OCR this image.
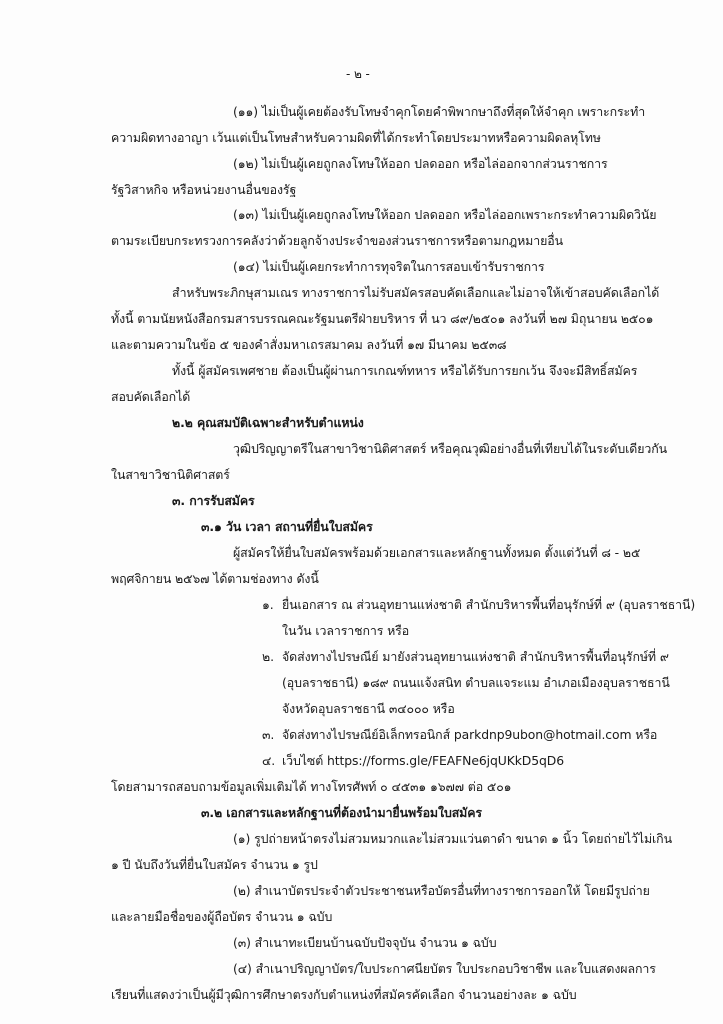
- ๒ -
(๑๑) ไม่เป็นผู้เคยต้องรับโทษจำคุกโดยคำพิพากษาถึงที่สุดให้จำคุก เพราะกระทำ
ความผิดทางอาญา เว้นแต่เป็นโทษสำหรับความผิดที่ได้กระทำโดยประมาทหรือความผิดลหุโทษ
(๑๒) ไม่เป็นผู้เคยถูกลงโทษให้ออก ปลดออก หรือไล่ออกจากส่วนราชการ
รัฐวิสาหกิจ หรือหน่วยงานอื่นของรัฐ
(๑๓) ไม่เป็นผู้เคยถูกลงโทษให้ออก ปลดออก หรือไล่ออกเพราะกระทำความผิดวินัย
ตามระเบียบกระทรวงการคลังว่าด้วยลูกจ้างประจำของส่วนราชการหรือตามกฎหมายอื่น
(๑๔) ไม่เป็นผู้เคยกระทำการทุจริตในการสอบเข้ารับราชการ
สำหรับพระภิกษุสามเณร ทางราชการไม่รับสมัครสอบคัดเลือกและไม่อาจให้เข้าสอบคัดเลือกได้
ทั้งนี้ ตามนัยหนังสือกรมสารบรรณคณะรัฐมนตรีฝ่ายบริหาร ที่ นว ๘๙/๒๕๐๑ ลงวันที่ ๒๗ มิถุนายน ๒๕๐๑
และตามความในข้อ ๕ ของคำสั่งมหาเถรสมาคม ลงวันที่ ๑๗ มีนาคม ๒๕๓๘
ทั้งนี้ ผู้สมัครเพศชาย ต้องเป็นผู้ผ่านการเกณฑ์ทหาร หรือได้รับการยกเว้น จึงจะมีสิทธิ์สมัคร
สอบคัดเลือกได้
๒.๒ คุณสมบัติเฉพาะสำหรับตำแหน่ง
วุฒิปริญญาตรีในสาขาวิชานิติศาสตร์ หรือคุณวุฒิอย่างอื่นที่เทียบได้ในระดับเดียวกัน
ในสาขาวิชานิติศาสตร์
๓. การรับสมัคร
๓.๑ วัน เวลา สถานที่ยื่นใบสมัคร
ผู้สมัครให้ยื่นใบสมัครพร้อมด้วยเอกสารและหลักฐานทั้งหมด ตั้งแต่วันที่ ๘ - ๒๕
พฤศจิกายน ๒๕๖๗ ได้ตามช่องทาง ดังนี้
๑. ยื่นเอกสาร ณ ส่วนอุทยานแห่งชาติ สำนักบริหารพื้นที่อนุรักษ์ที่ ๙ (อุบลราชธานี)
ในวัน เวลาราชการ หรือ
๒. จัดส่งทางไปรษณีย์ มายังส่วนอุทยานแห่งชาติ สำนักบริหารพื้นที่อนุรักษ์ที่ ๙
(อุบลราชธานี) ๑๘๙ ถนนแจ้งสนิท ตำบลแจระแม อำเภอเมืองอุบลราชธานี
จังหวัดอุบลราชธานี ๓๔๐๐๐ หรือ
๓. จัดส่งทางไปรษณีย์อิเล็กทรอนิกส์ parkdnp9ubon@hotmail.com หรือ
๔. เว็บไซต์ https://forms.gle/FEAFNe6jqUKkD5qD6
โดยสามารถสอบถามข้อมูลเพิ่มเติมได้ ทางโทรศัพท์ ๐ ๔๕๓๑ ๑๖๗๗ ต่อ ๕๐๑
๓.๒ เอกสารและหลักฐานที่ต้องนำมายื่นพร้อมใบสมัคร
(๑) รูปถ่ายหน้าตรงไม่สวมหมวกและไม่สวมแว่นตาดำ ขนาด ๑ นิ้ว โดยถ่ายไว้ไม่เกิน
๑ ปี นับถึงวันที่ยื่นใบสมัคร จำนวน ๑ รูป
(๒) สำเนาบัตรประจำตัวประชาชนหรือบัตรอื่นที่ทางราชการออกให้ โดยมีรูปถ่าย
และลายมือชื่อของผู้ถือบัตร จำนวน ๑ ฉบับ
(๓) สำเนาทะเบียนบ้านฉบับปัจจุบัน จำนวน ๑ ฉบับ
(๔) สำเนาปริญญาบัตร/ใบประกาศนียบัตร ใบประกอบวิชาชีพ และใบแสดงผลการ
เรียนที่แสดงว่าเป็นผู้มีวุฒิการศึกษาตรงกับตำแหน่งที่สมัครคัดเลือก จำนวนอย่างละ ๑ ฉบับ
